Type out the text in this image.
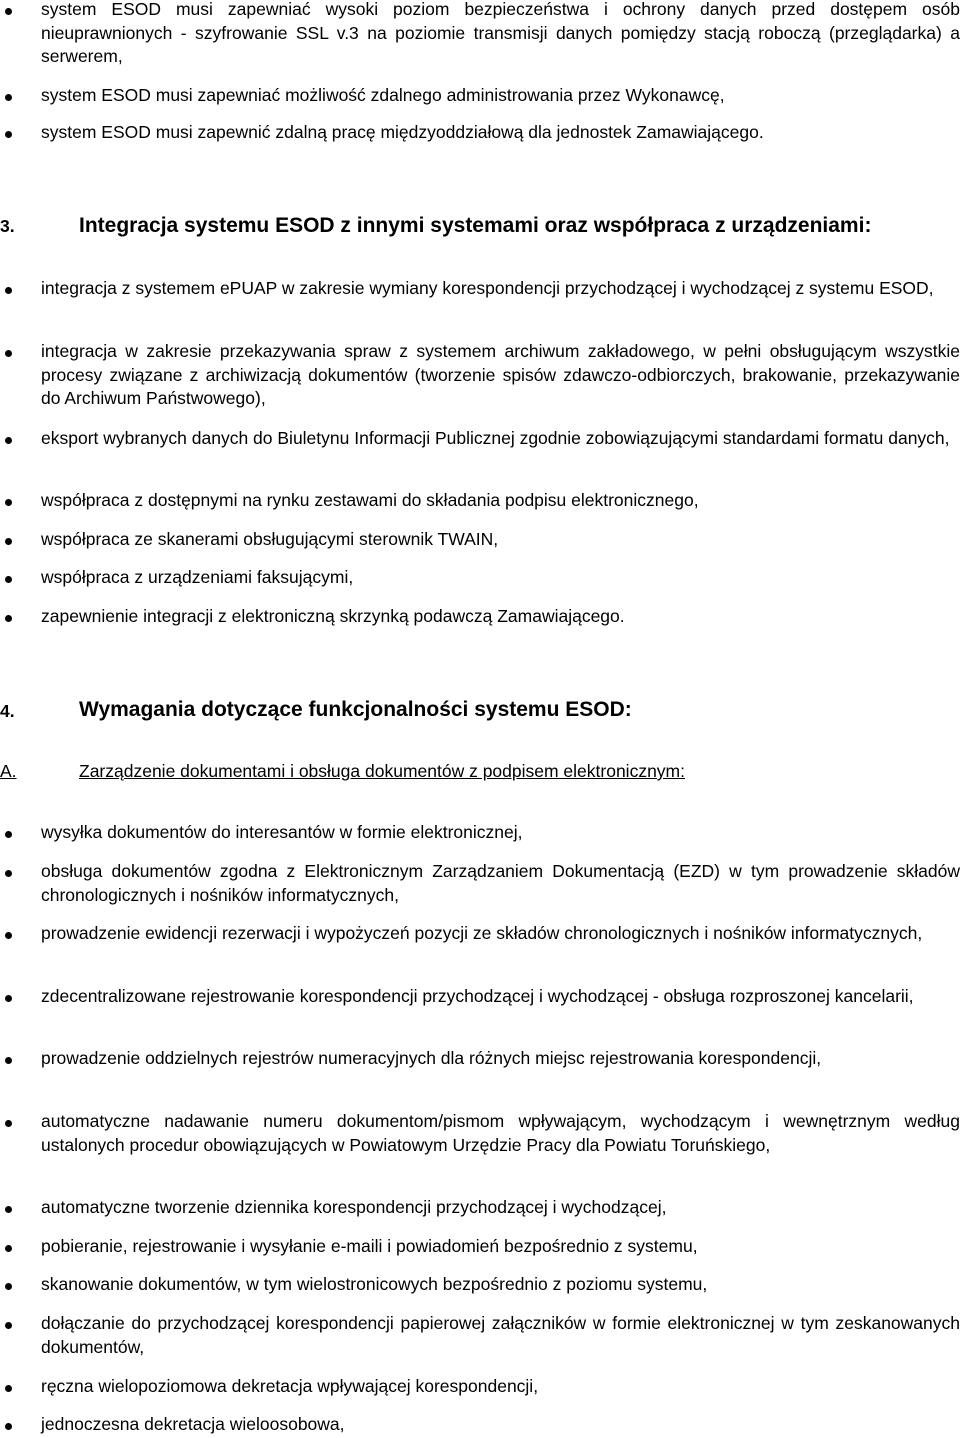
system ESOD musi zapewniać wysoki poziom bezpieczeństwa i ochrony danych przed dostępem osób nieuprawnionych - szyfrowanie SSL v.3 na poziomie transmisji danych pomiędzy stacją roboczą (przeglądarka) a serwerem,
system ESOD musi zapewniać możliwość zdalnego administrowania przez Wykonawcę,
system ESOD musi zapewnić zdalną pracę międzyoddziałową dla jednostek Zamawiającego.
3.	Integracja systemu ESOD z innymi systemami oraz współpraca z urządzeniami:
integracja z systemem ePUAP w zakresie wymiany korespondencji przychodzącej i wychodzącej z systemu ESOD,
integracja w zakresie przekazywania spraw z systemem archiwum zakładowego, w pełni obsługującym wszystkie procesy związane z archiwizacją dokumentów (tworzenie spisów zdawczo-odbiorczych, brakowanie, przekazywanie do Archiwum Państwowego),
eksport wybranych danych do Biuletynu Informacji Publicznej zgodnie zobowiązującymi standardami formatu danych,
współpraca z dostępnymi na rynku zestawami do składania podpisu elektronicznego,
współpraca ze skanerami obsługującymi sterownik TWAIN,
współpraca z urządzeniami faksującymi,
zapewnienie integracji z elektroniczną skrzynką podawczą Zamawiającego.
4.	Wymagania dotyczące funkcjonalności systemu ESOD:
A.	Zarządzenie dokumentami i obsługa dokumentów z podpisem elektronicznym:
wysyłka dokumentów do interesantów w formie elektronicznej,
obsługa dokumentów zgodna z Elektronicznym Zarządzaniem Dokumentacją (EZD) w tym prowadzenie składów chronologicznych i nośników informatycznych,
prowadzenie ewidencji rezerwacji i wypożyczeń pozycji ze składów chronologicznych i nośników informatycznych,
zdecentralizowane rejestrowanie korespondencji przychodzącej i wychodzącej - obsługa rozproszonej kancelarii,
prowadzenie oddzielnych rejestrów numeracyjnych dla różnych miejsc rejestrowania korespondencji,
automatyczne nadawanie numeru dokumentom/pismom wpływającym, wychodzącym i wewnętrznym według ustalonych procedur obowiązujących w Powiatowym Urzędzie Pracy dla Powiatu Toruńskiego,
automatyczne tworzenie dziennika korespondencji przychodzącej i wychodzącej,
pobieranie, rejestrowanie i wysyłanie e-maili i powiadomień bezpośrednio z systemu,
skanowanie dokumentów, w tym wielostronicowych bezpośrednio z poziomu systemu,
dołączanie do przychodzącej korespondencji papierowej załączników w formie elektronicznej w tym zeskanowanych dokumentów,
ręczna wielopoziomowa dekretacja wpływającej korespondencji,
jednoczesna dekretacja wieloosobowa,
